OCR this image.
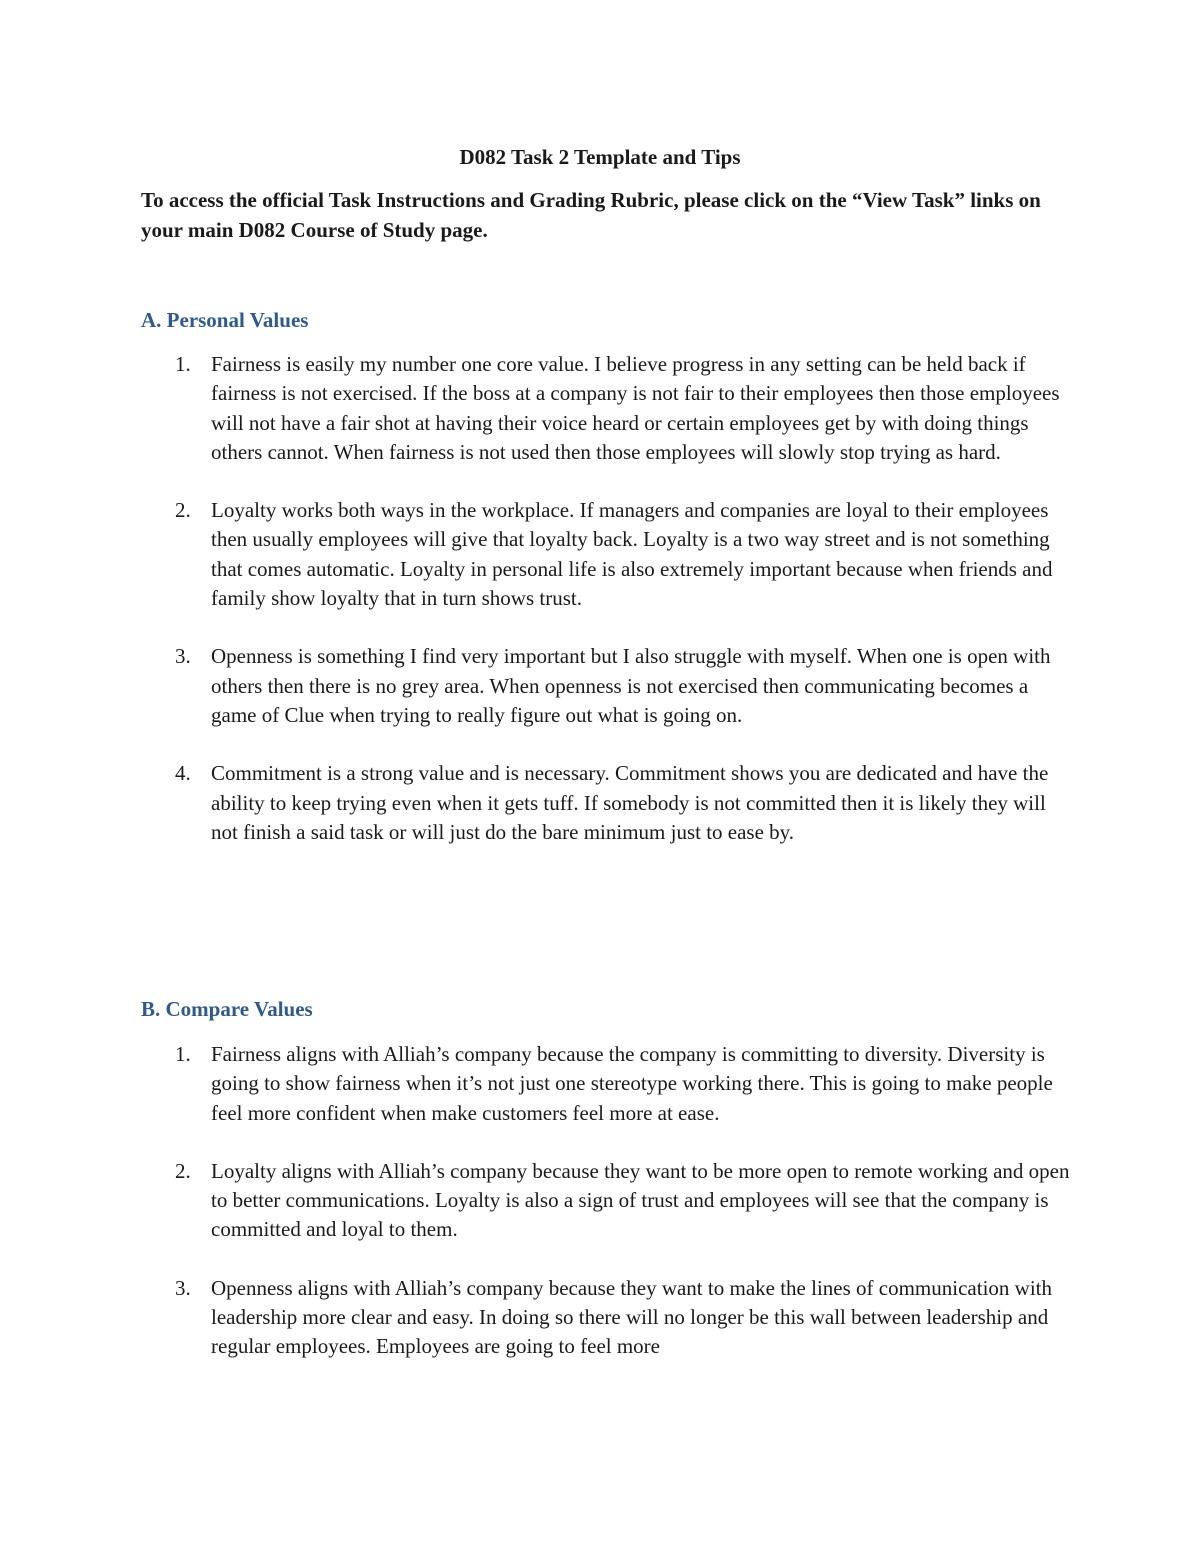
D082 Task 2 Template and Tips

To access the official Task Instructions and Grading Rubric, please click on the “View Task” links on your main D082 Course of Study page.

A. Personal Values
1. Fairness is easily my number one core value. I believe progress in any setting can be held back if fairness is not exercised. If the boss at a company is not fair to their employees then those employees will not have a fair shot at having their voice heard or certain employees get by with doing things others cannot. When fairness is not used then those employees will slowly stop trying as hard.
2. Loyalty works both ways in the workplace. If managers and companies are loyal to their employees then usually employees will give that loyalty back. Loyalty is a two way street and is not something that comes automatic. Loyalty in personal life is also extremely important because when friends and family show loyalty that in turn shows trust.
3. Openness is something I find very important but I also struggle with myself. When one is open with others then there is no grey area. When openness is not exercised then communicating becomes a game of Clue when trying to really figure out what is going on.
4. Commitment is a strong value and is necessary. Commitment shows you are dedicated and have the ability to keep trying even when it gets tuff. If somebody is not committed then it is likely they will not finish a said task or will just do the bare minimum just to ease by.
B. Compare Values
1. Fairness aligns with Alliah’s company because the company is committing to diversity. Diversity is going to show fairness when it’s not just one stereotype working there. This is going to make people feel more confident when make customers feel more at ease.
2. Loyalty aligns with Alliah’s company because they want to be more open to remote working and open to better communications. Loyalty is also a sign of trust and employees will see that the company is committed and loyal to them.
3. Openness aligns with Alliah’s company because they want to make the lines of communication with leadership more clear and easy. In doing so there will no longer be this wall between leadership and regular employees. Employees are going to feel more
